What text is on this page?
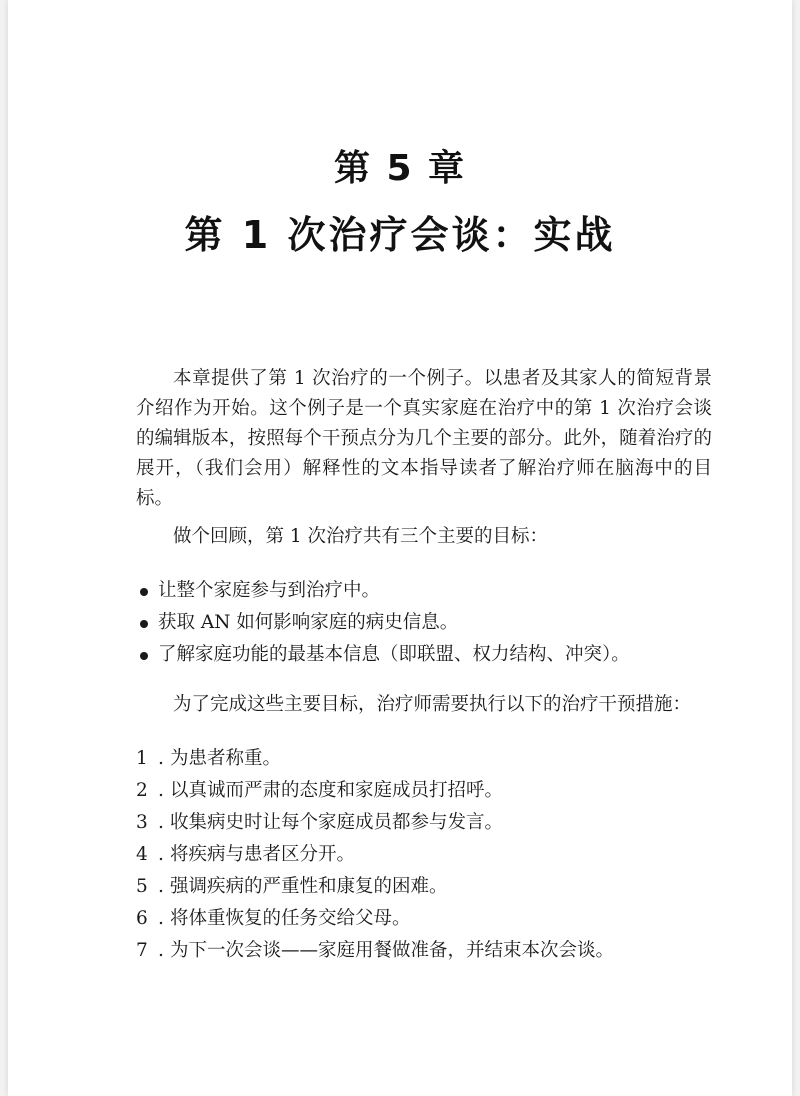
第 5 章
第 1 次治疗会谈：实战

本章提供了第 1 次治疗的一个例子。以患者及其家人的简短背景介绍作为开始。这个例子是一个真实家庭在治疗中的第 1 次治疗会谈的编辑版本，按照每个干预点分为几个主要的部分。此外，随着治疗的展开，（我们会用）解释性的文本指导读者了解治疗师在脑海中的目标。

做个回顾，第 1 次治疗共有三个主要的目标：

让整个家庭参与到治疗中。
获取 AN 如何影响家庭的病史信息。
了解家庭功能的最基本信息（即联盟、权力结构、冲突）。

为了完成这些主要目标，治疗师需要执行以下的治疗干预措施：

1 . 为患者称重。
2 . 以真诚而严肃的态度和家庭成员打招呼。
3 . 收集病史时让每个家庭成员都参与发言。
4 . 将疾病与患者区分开。
5 . 强调疾病的严重性和康复的困难。
6 . 将体重恢复的任务交给父母。
7 . 为下一次会谈——家庭用餐做准备，并结束本次会谈。
